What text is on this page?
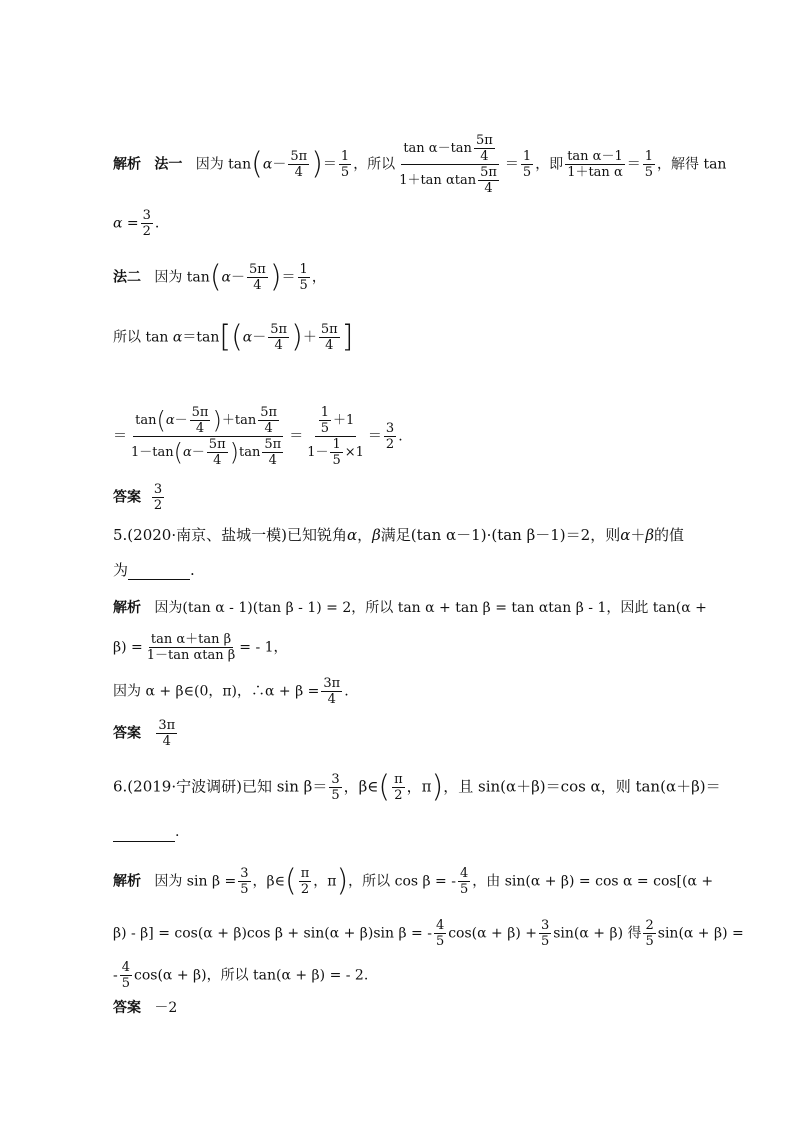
解析 法一 因为 $\tan(\alpha- \frac{5\pi}{4}$ )＝ $\frac{1}{5}$ ，所以 $\frac{\tan \alpha-\tan \frac{5\pi}{4}}{1+\tan \alpha\tan \frac{5\pi}{4}} = \frac{1}{5}$ ，即 $\frac{\text{tan α－1}}{\text{1＋tan α}} = \frac{1}{5}$ ，解得 tan
$\alpha = \frac{3}{2}$ .
法二 因为 $\tan(\alpha- \frac{5\pi}{4}$ )＝ $\frac{1}{5}$ ，
所以 $\tan \alpha=\tan[(\alpha- \frac{5\pi}{4}$ )＋ $\frac{5\pi}{4}$ ]
＝ $\frac{\tan(\alpha- \frac{5\pi}{4} )+\tan \frac{5\pi}{4}}{1-\tan(\alpha- \frac{5\pi}{4} )\tan \frac{5\pi}{4}} = \frac{\frac{1}{5} +1}{1- \frac{1}{5} \times 1} = \frac{3}{2}$ .
答案 $\frac{3}{2}$
5.(2020·南京、盐城一模)已知锐角α，β满足(tan α－1)·(tan β－1)＝2，则α＋β的值
为	.
解析 因为(tan α - 1)(tan β - 1) = 2，所以 tan α + tan β = tan αtan β - 1，因此 tan(α +
$\beta) = \frac{\text{tan α＋tan β}}{\text{1－tan αtan β}}$ = - 1，
因为 α + β∈(0，π)，∴α + $\beta = \frac{3\pi}{4}$ .
答案 $\frac{3\pi}{4}$
6.(2019·宁波调研)已知 $\sin \beta= \frac{3}{5}$ ，β∈( $\frac{\pi}{2}$ ，π)，且 sin(α＋β)＝cos α，则 tan(α＋β)＝
.
解析 因为 $\sin \beta = \frac{3}{5}$ ，β∈( $\frac{\pi}{2}$ ，π)，所以 cos β = - $\frac{4}{5}$ ，由 sin(α + β) = cos α = cos[(α +
β) - β] = cos(α + β)cos β + sin(α + β)sin β = - $\frac{4}{5} \cos(\alpha + \beta) + \frac{3}{5} \sin(\alpha + \beta)$ 得 $\frac{2}{5} \sin(\alpha + \beta)$ =
- $\frac{4}{5} \cos(\alpha + \beta)$，所以 tan(α + β) = - 2.
答案 －2
